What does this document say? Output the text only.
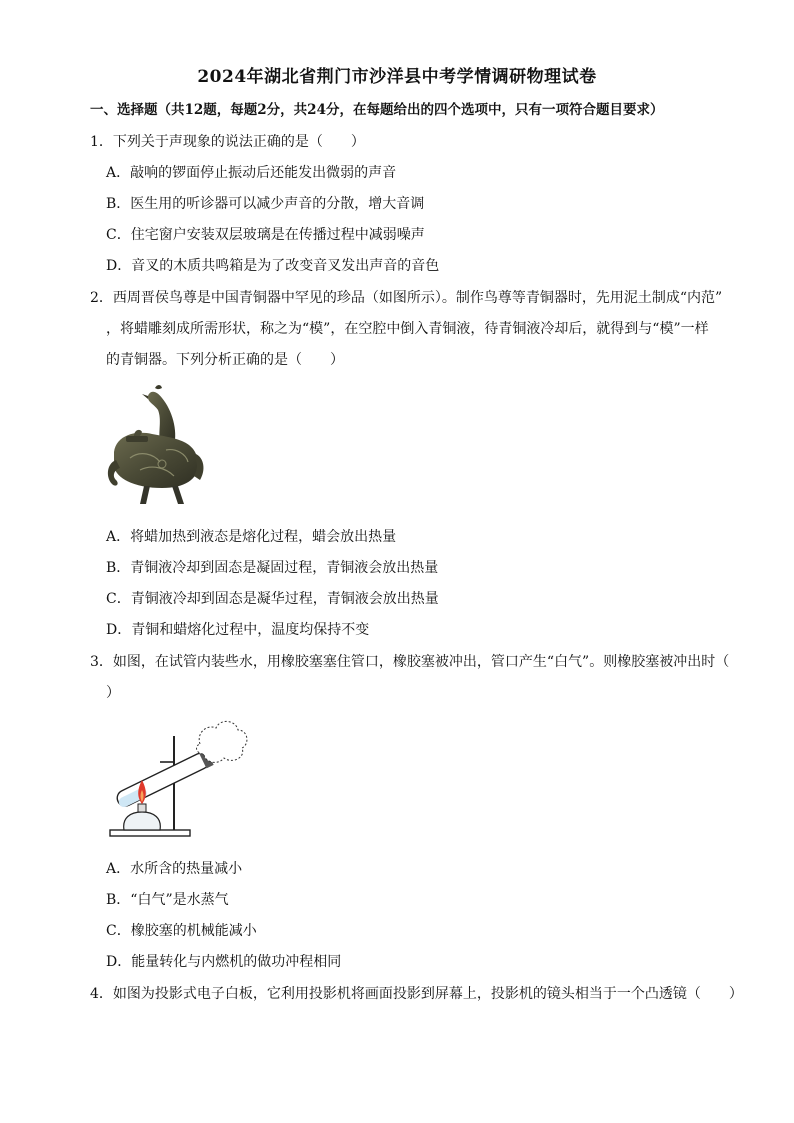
2024年湖北省荆门市沙洋县中考学情调研物理试卷
一、选择题（共12题，每题2分，共24分，在每题给出的四个选项中，只有一项符合题目要求）
1．下列关于声现象的说法正确的是（　　）
A．敲响的锣面停止振动后还能发出微弱的声音
B．医生用的听诊器可以减少声音的分散，增大音调
C．住宅窗户安装双层玻璃是在传播过程中减弱噪声
D．音叉的木质共鸣箱是为了改变音叉发出声音的音色
2．西周晋侯鸟尊是中国青铜器中罕见的珍品（如图所示）。制作鸟尊等青铜器时，先用泥土制成“内范”
，将蜡雕刻成所需形状，称之为“模”，在空腔中倒入青铜液，待青铜液冷却后，就得到与“模”一样
的青铜器。下列分析正确的是（　　）
A．将蜡加热到液态是熔化过程，蜡会放出热量
B．青铜液冷却到固态是凝固过程，青铜液会放出热量
C．青铜液冷却到固态是凝华过程，青铜液会放出热量
D．青铜和蜡熔化过程中，温度均保持不变
3．如图，在试管内装些水，用橡胶塞塞住管口，橡胶塞被冲出，管口产生“白气”。则橡胶塞被冲出时（
）
A．水所含的热量减小
B．“白气”是水蒸气
C．橡胶塞的机械能减小
D．能量转化与内燃机的做功冲程相同
4．如图为投影式电子白板，它利用投影机将画面投影到屏幕上，投影机的镜头相当于一个凸透镜（　　）
